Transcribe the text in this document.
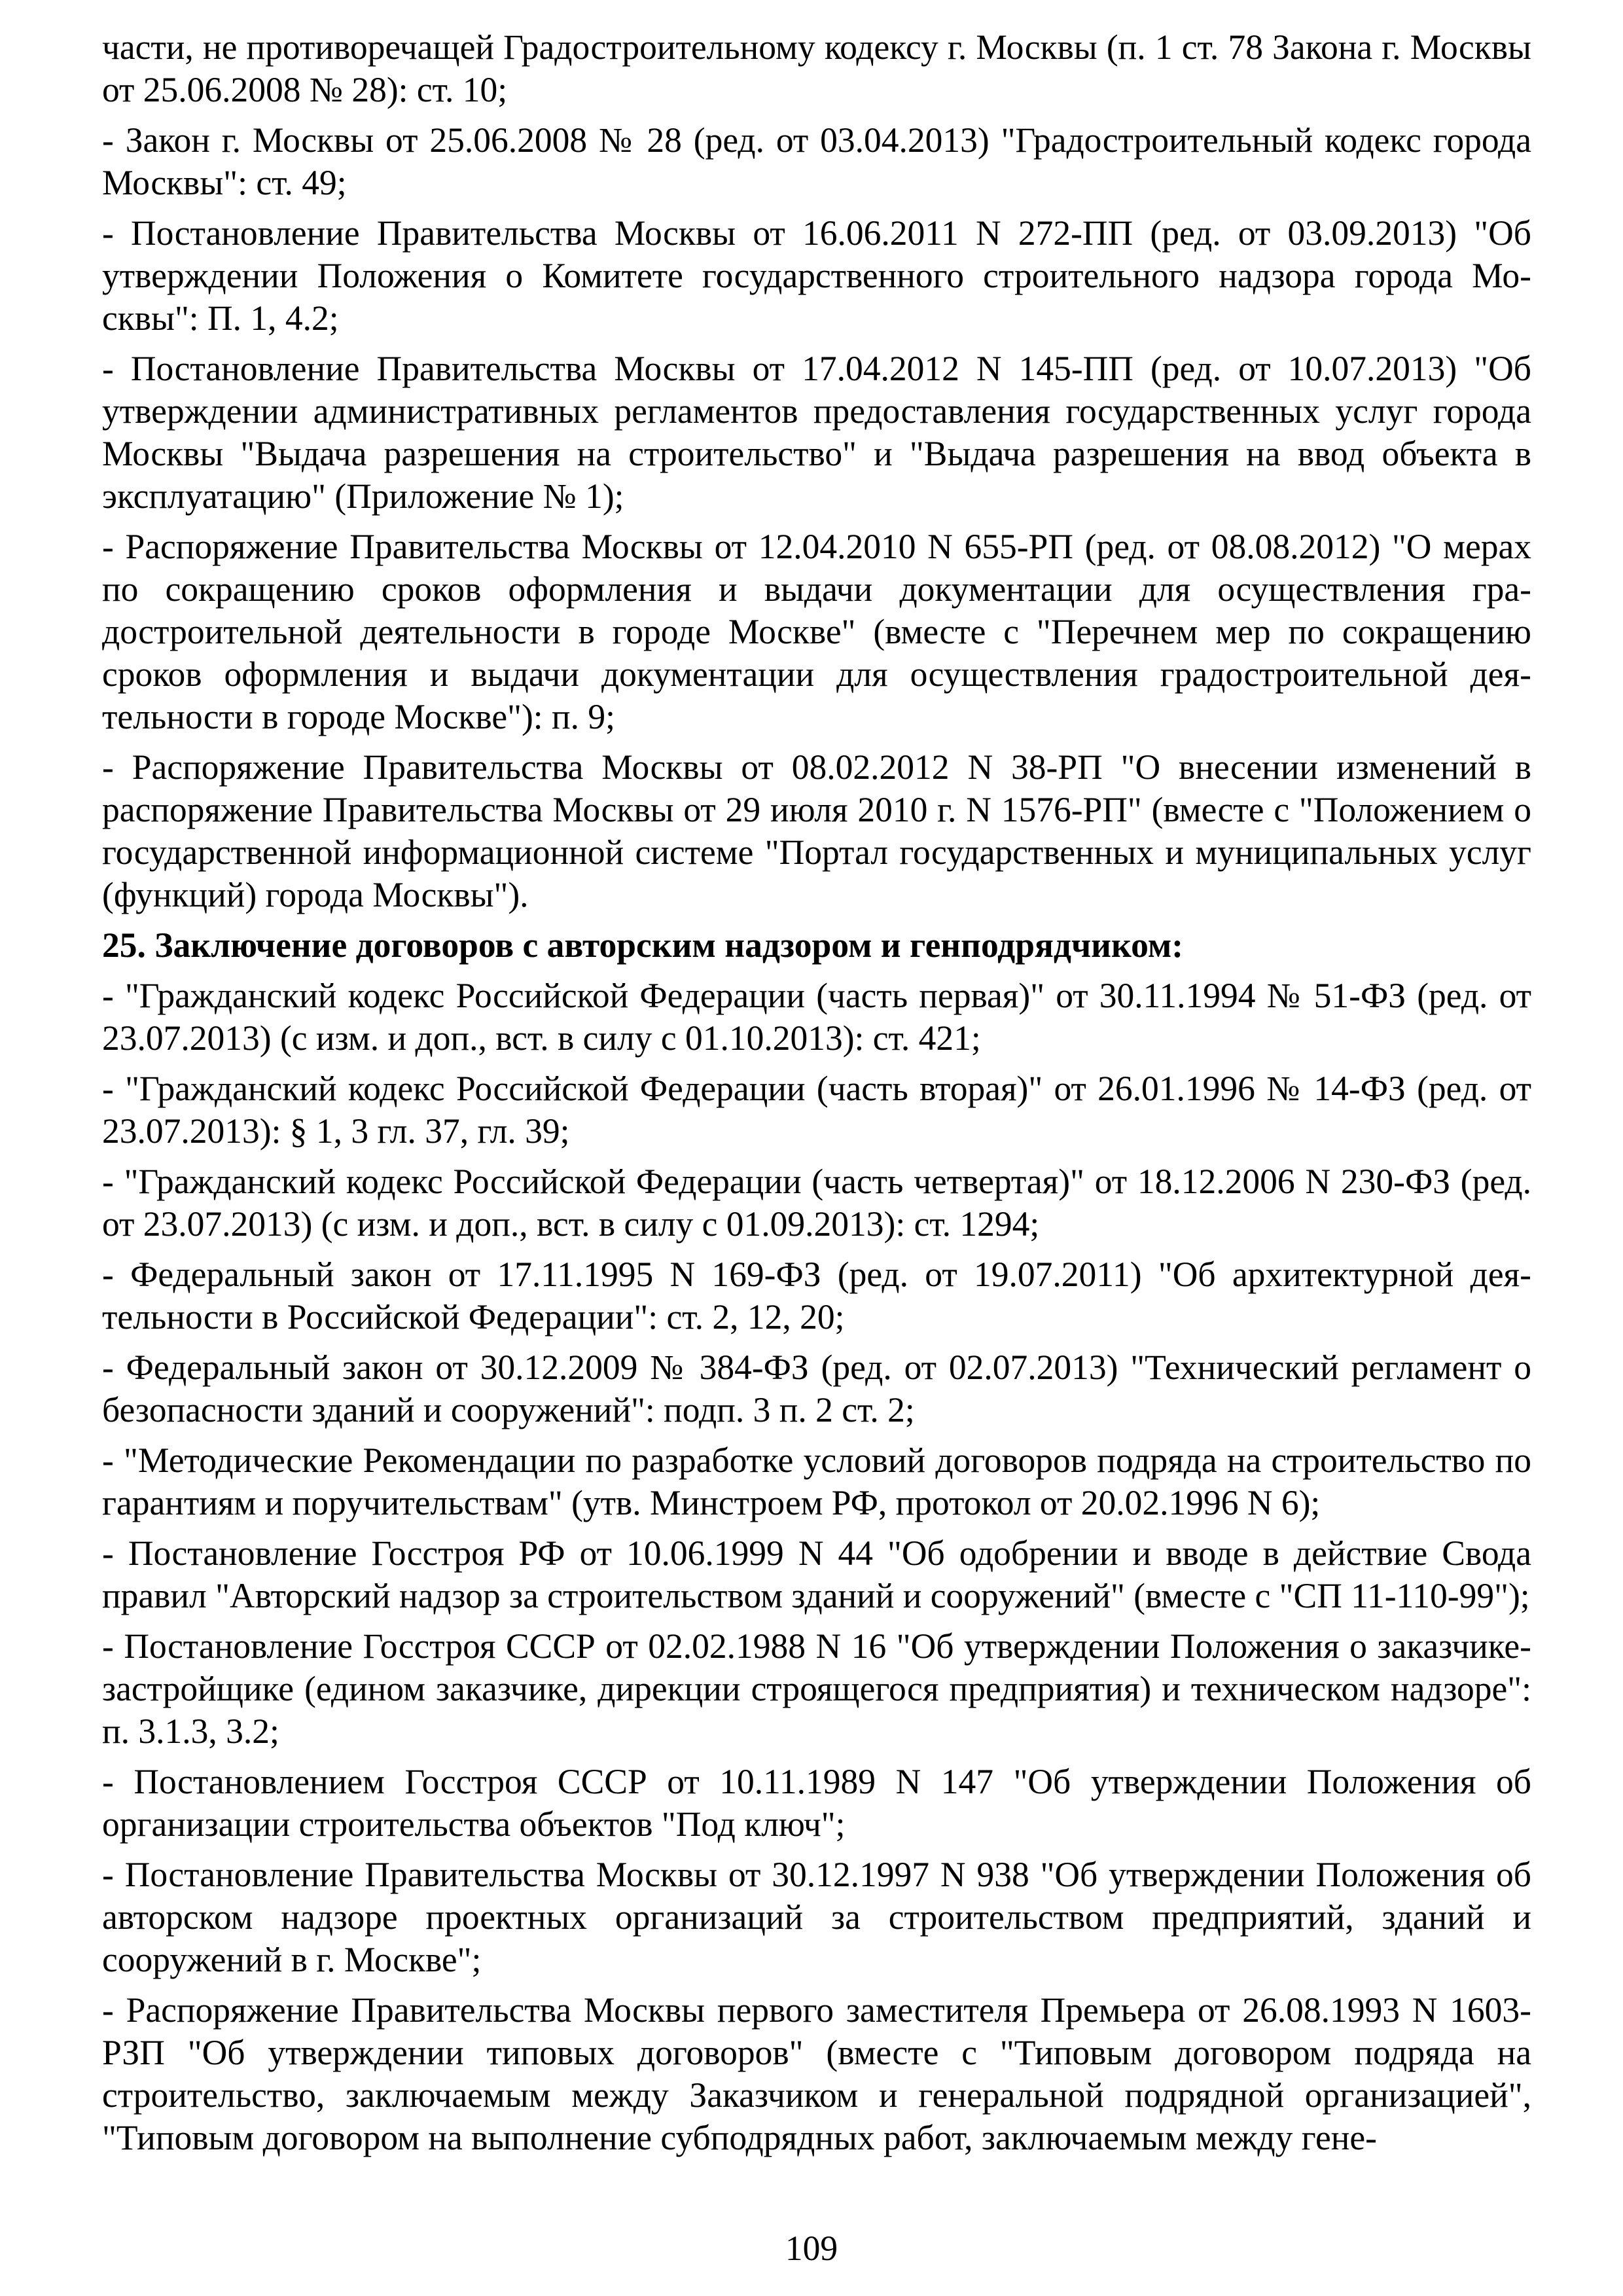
части, не противоречащей Градостроительному кодексу г. Москвы (п. 1 ст. 78 Закона г. Москвы от 25.06.2008 № 28): ст. 10;

- Закон г. Москвы от 25.06.2008 № 28 (ред. от 03.04.2013) "Градостроительный кодекс города Москвы": ст. 49;

- Постановление Правительства Москвы от 16.06.2011 N 272-ПП (ред. от 03.09.2013) "Об утверждении Положения о Комитете государственного строительного надзора города Москвы": П. 1, 4.2;

- Постановление Правительства Москвы от 17.04.2012 N 145-ПП (ред. от 10.07.2013) "Об утверждении административных регламентов предоставления государственных услуг города Москвы "Выдача разрешения на строительство" и "Выдача разрешения на ввод объекта в эксплуатацию" (Приложение № 1);

- Распоряжение Правительства Москвы от 12.04.2010 N 655-РП (ред. от 08.08.2012) "О мерах по сокращению сроков оформления и выдачи документации для осуществления градостроительной деятельности в городе Москве" (вместе с "Перечнем мер по сокращению сроков оформления и выдачи документации для осуществления градостроительной деятельности в городе Москве"): п. 9;

- Распоряжение Правительства Москвы от 08.02.2012 N 38-РП "О внесении изменений в распоряжение Правительства Москвы от 29 июля 2010 г. N 1576-РП" (вместе с "Положением о государственной информационной системе "Портал государственных и муниципальных услуг (функций) города Москвы").

25. Заключение договоров с авторским надзором и генподрядчиком:

- "Гражданский кодекс Российской Федерации (часть первая)" от 30.11.1994 № 51-ФЗ (ред. от 23.07.2013) (с изм. и доп., вст. в силу с 01.10.2013): ст. 421;

- "Гражданский кодекс Российской Федерации (часть вторая)" от 26.01.1996 № 14-ФЗ (ред. от 23.07.2013): § 1, 3 гл. 37, гл. 39;

- "Гражданский кодекс Российской Федерации (часть четвертая)" от 18.12.2006 N 230-ФЗ (ред. от 23.07.2013) (с изм. и доп., вст. в силу с 01.09.2013): ст. 1294;

- Федеральный закон от 17.11.1995 N 169-ФЗ (ред. от 19.07.2011) "Об архитектурной деятельности в Российской Федерации": ст. 2, 12, 20;

- Федеральный закон от 30.12.2009 № 384-ФЗ (ред. от 02.07.2013) "Технический регламент о безопасности зданий и сооружений": подп. 3 п. 2 ст. 2;

- "Методические Рекомендации по разработке условий договоров подряда на строительство по гарантиям и поручительствам" (утв. Минстроем РФ, протокол от 20.02.1996 N 6);

- Постановление Госстроя РФ от 10.06.1999 N 44 "Об одобрении и вводе в действие Свода правил "Авторский надзор за строительством зданий и сооружений" (вместе с "СП 11-110-99");

- Постановление Госстроя СССР от 02.02.1988 N 16 "Об утверждении Положения о заказчике-застройщике (едином заказчике, дирекции строящегося предприятия) и техническом надзоре": п. 3.1.3, 3.2;

- Постановлением Госстроя СССР от 10.11.1989 N 147 "Об утверждении Положения об организации строительства объектов "Под ключ";

- Постановление Правительства Москвы от 30.12.1997 N 938 "Об утверждении Положения об авторском надзоре проектных организаций за строительством предприятий, зданий и сооружений в г. Москве";

- Распоряжение Правительства Москвы первого заместителя Премьера от 26.08.1993 N 1603-РЗП "Об утверждении типовых договоров" (вместе с "Типовым договором подряда на строительство, заключаемым между Заказчиком и генеральной подрядной организацией", "Типовым договором на выполнение субподрядных работ, заключаемым между гене-

109
